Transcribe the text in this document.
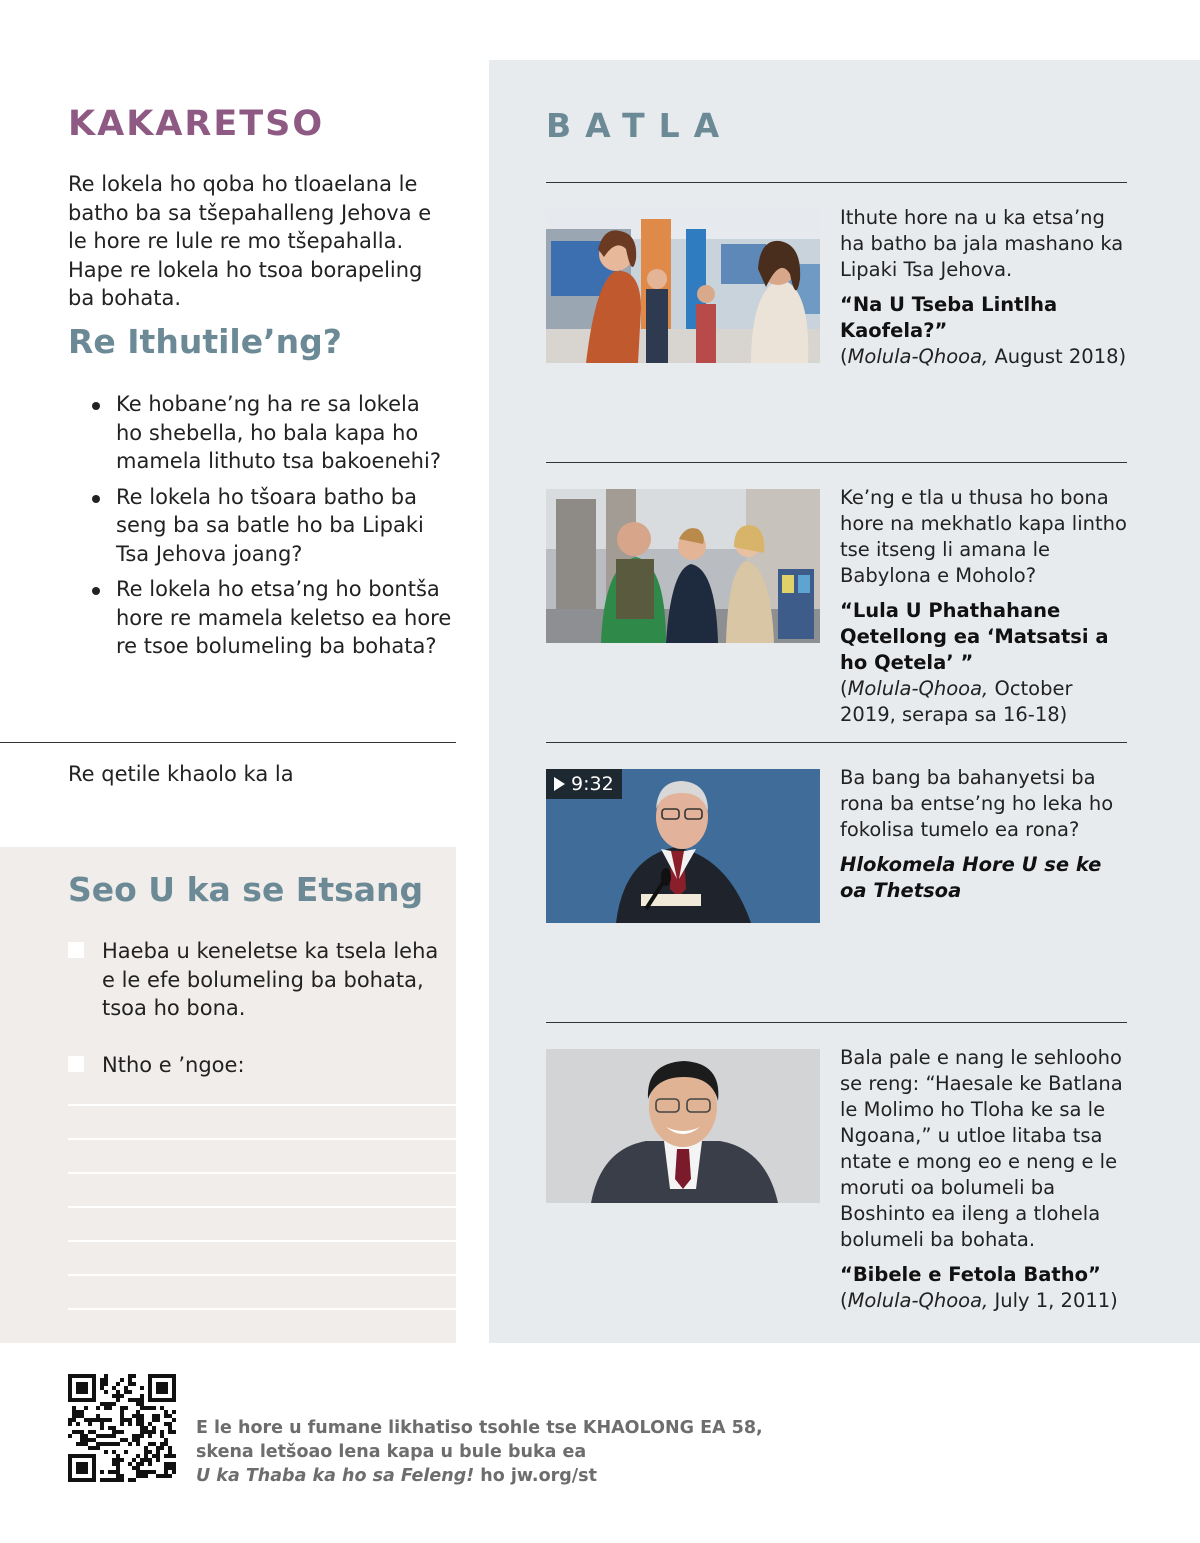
KAKARETSO

Re lokela ho qoba ho tloaelana le batho ba sa tšepahalleng Jehova e le hore re lule re mo tšepahalla. Hape re lokela ho tsoa borapeling ba bohata.

Re Ithutile’ng?
Ke hobane’ng ha re sa lokela ho shebella, ho bala kapa ho mamela lithuto tsa bakoenehi?
Re lokela ho tšoara batho ba seng ba sa batle ho ba Lipaki Tsa Jehova joang?
Re lokela ho etsa’ng ho bontša hore re mamela keletso ea hore re tsoe bolumeling ba bohata?
Re qetile khaolo ka la
Seo U ka se Etsang
Haeba u keneletse ka tsela leha e le efe bolumeling ba bohata, tsoa ho bona.
Ntho e ’ngoe:
BATLA
Ithute hore na u ka etsa’ng ha batho ba jala mashano ka Lipaki Tsa Jehova.
“Na U Tseba Lintlha Kaofela?”
(Molula-Qhooa, August 2018)
Ke’ng e tla u thusa ho bona hore na mekhatlo kapa lintho tse itseng li amana le Babylona e Moholo?
“Lula U Phathahane Qetellong ea ‘Matsatsi a ho Qetela’ ”
(Molula-Qhooa, October 2019, serapa sa 16-18)
9:32	Ba bang ba bahanyetsi ba rona ba entse’ng ho leka ho fokolisa tumelo ea rona?
Hlokomela Hore U se ke oa Thetsoa
Bala pale e nang le sehlooho se reng: “Haesale ke Batlana le Molimo ho Tloha ke sa le Ngoana,” u utloe litaba tsa ntate e mong eo e neng e le moruti oa bolumeli ba Boshinto ea ileng a tlohela bolumeli ba bohata.
“Bibele e Fetola Batho”
(Molula-Qhooa, July 1, 2011)
E le hore u fumane likhatiso tsohle tse KHAOLONG EA 58,
skena letšoao lena kapa u bule buka ea
U ka Thaba ka ho sa Feleng! ho jw.org/st
